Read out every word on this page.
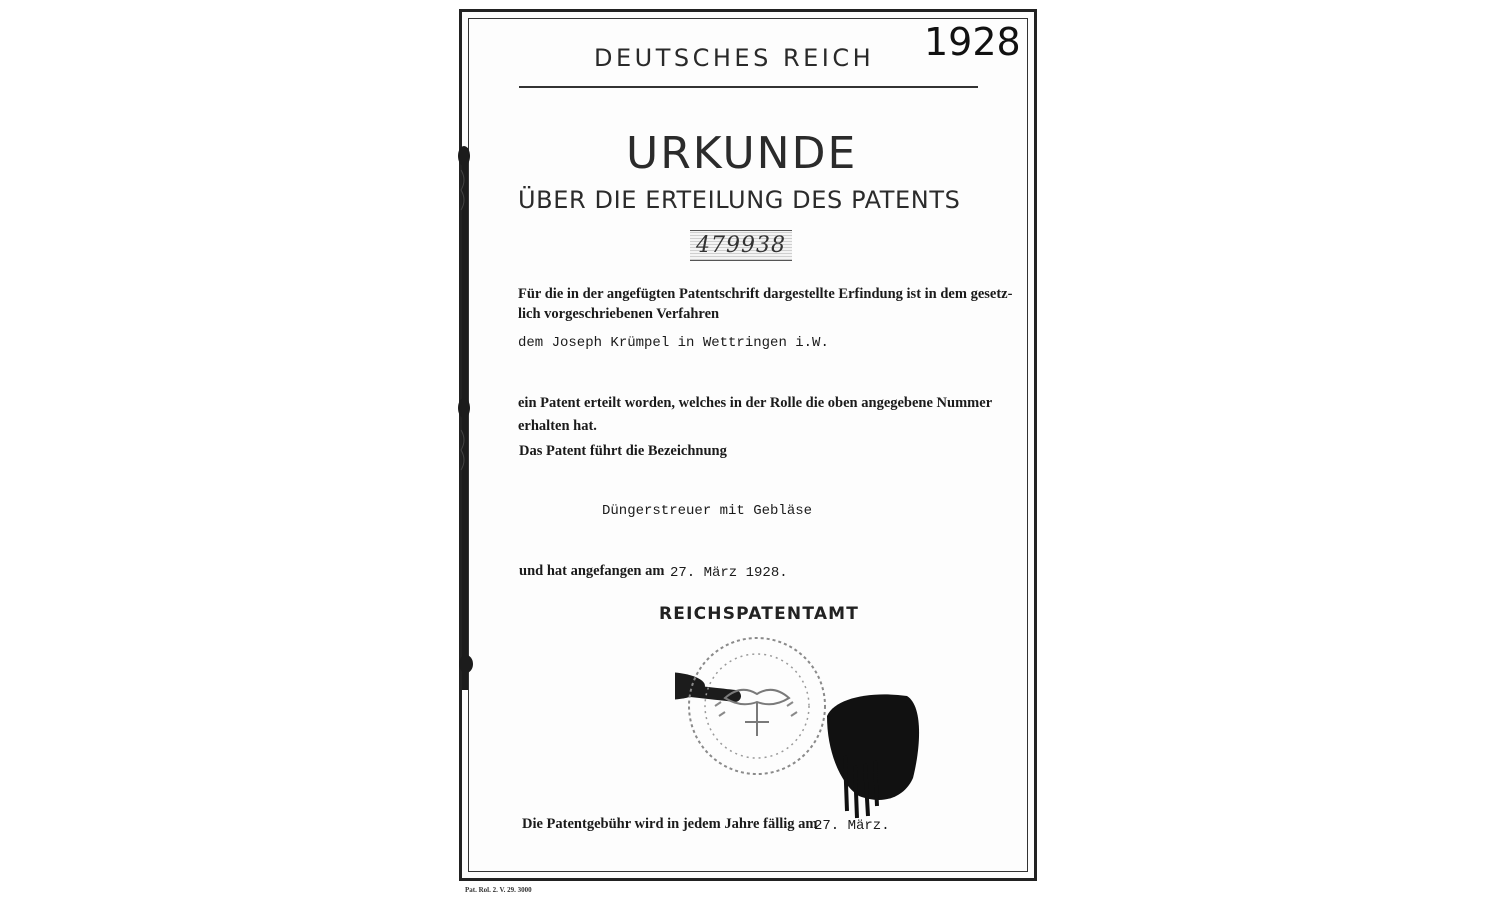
1928
DEUTSCHES REICH
URKUNDE
ÜBER DIE ERTEILUNG DES PATENTS
479938
Für die in der angefügten Patentschrift dargestellte Erfindung ist in dem gesetz-
lich vorgeschriebenen Verfahren
dem Joseph Krümpel in Wettringen i.W.
ein Patent erteilt worden, welches in der Rolle die oben angegebene Nummer
erhalten hat.
Das Patent führt die Bezeichnung
Düngerstreuer mit Gebläse
und hat angefangen am 27. März 1928.
REICHSPATENTAMT
Die Patentgebühr wird in jedem Jahre fällig am
27. März.
Pat. Rol. 2. V. 29. 3000
